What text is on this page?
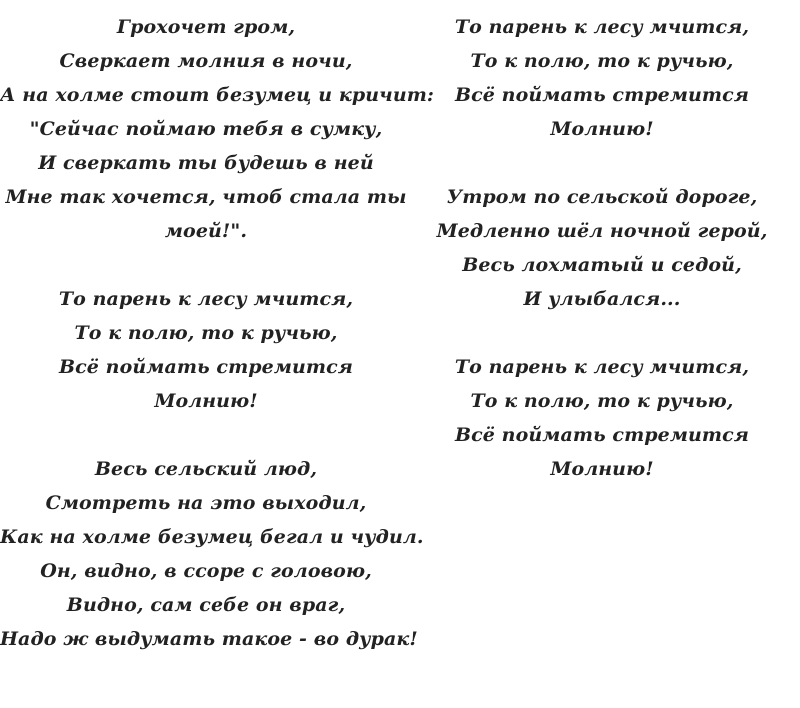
Грохочет гром,
Сверкает молния в ночи,
А на холме стоит безумец и кричит:
"Сейчас поймаю тебя в сумку,
И сверкать ты будешь в ней
Мне так хочется, чтоб стала ты
моей!".
То парень к лесу мчится,
То к полю, то к ручью,
Всё поймать стремится
Молнию!
Весь сельский люд,
Смотреть на это выходил,
Как на холме безумец бегал и чудил.
Он, видно, в ссоре с головою,
Видно, сам себе он враг,
Надо ж выдумать такое - во дурак!
То парень к лесу мчится,
То к полю, то к ручью,
Всё поймать стремится
Молнию!
Утром по сельской дороге,
Медленно шёл ночной герой,
Весь лохматый и седой,
И улыбался...
То парень к лесу мчится,
То к полю, то к ручью,
Всё поймать стремится
Молнию!
